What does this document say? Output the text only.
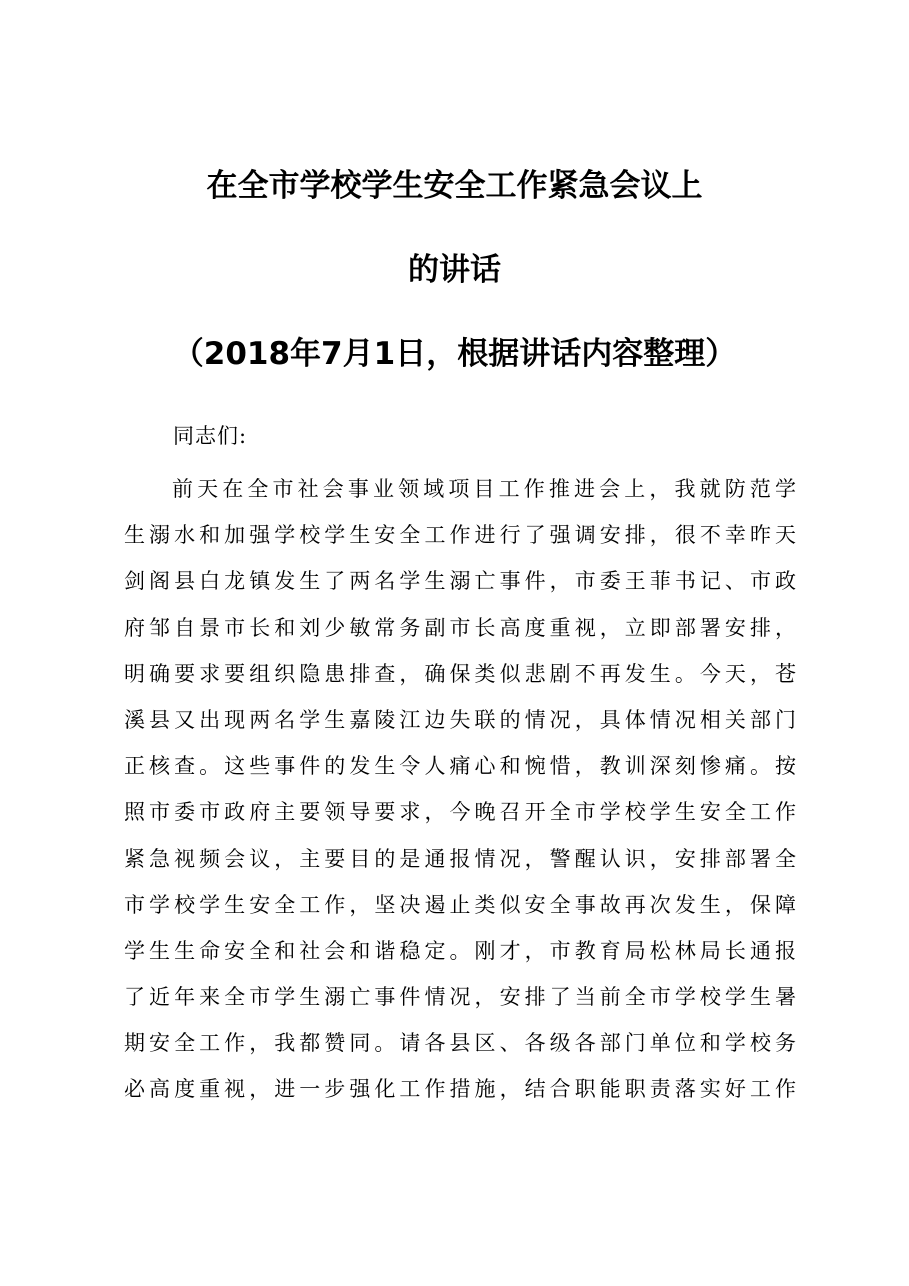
在全市学校学生安全工作紧急会议上
的讲话
（2018年7月1日，根据讲话内容整理）
同志们:
前天在全市社会事业领域项目工作推进会上，我就防范学
生溺水和加强学校学生安全工作进行了强调安排，很不幸昨天
剑阁县白龙镇发生了两名学生溺亡事件，市委王菲书记、市政
府邹自景市长和刘少敏常务副市长高度重视，立即部署安排，
明确要求要组织隐患排查，确保类似悲剧不再发生。今天，苍
溪县又出现两名学生嘉陵江边失联的情况，具体情况相关部门
正核查。这些事件的发生令人痛心和惋惜，教训深刻惨痛。按
照市委市政府主要领导要求，今晚召开全市学校学生安全工作
紧急视频会议，主要目的是通报情况，警醒认识，安排部署全
市学校学生安全工作，坚决遏止类似安全事故再次发生，保障
学生生命安全和社会和谐稳定。刚才，市教育局松林局长通报
了近年来全市学生溺亡事件情况，安排了当前全市学校学生暑
期安全工作，我都赞同。请各县区、各级各部门单位和学校务
必高度重视，进一步强化工作措施，结合职能职责落实好工作
